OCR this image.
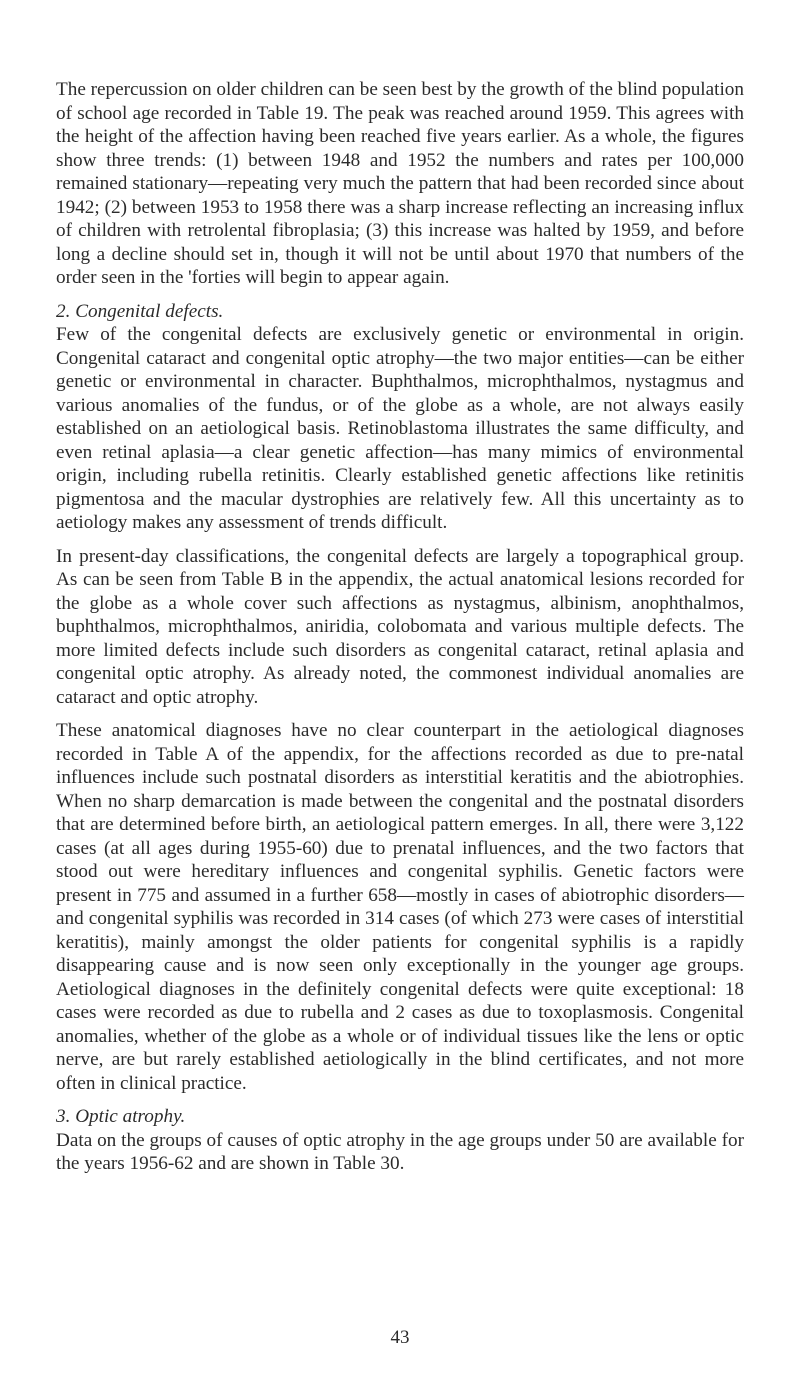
The repercussion on older children can be seen best by the growth of the blind population of school age recorded in Table 19. The peak was reached around 1959. This agrees with the height of the affection having been reached five years earlier. As a whole, the figures show three trends: (1) between 1948 and 1952 the numbers and rates per 100,000 remained stationary—repeating very much the pattern that had been recorded since about 1942; (2) between 1953 to 1958 there was a sharp increase reflecting an increasing influx of children with retrolental fibroplasia; (3) this increase was halted by 1959, and before long a decline should set in, though it will not be until about 1970 that numbers of the order seen in the 'forties will begin to appear again.

2. Congenital defects.

Few of the congenital defects are exclusively genetic or environmental in origin. Congenital cataract and congenital optic atrophy—the two major entities—can be either genetic or environmental in character. Buphthalmos, microphthalmos, nystagmus and various anomalies of the fundus, or of the globe as a whole, are not always easily established on an aetiological basis. Retinoblastoma illustrates the same difficulty, and even retinal aplasia—a clear genetic affection—has many mimics of environmental origin, including rubella retinitis. Clearly established genetic affections like retinitis pigmentosa and the macular dystrophies are relatively few. All this uncertainty as to aetiology makes any assessment of trends difficult.

In present-day classifications, the congenital defects are largely a topographical group. As can be seen from Table B in the appendix, the actual anatomical lesions recorded for the globe as a whole cover such affections as nystagmus, albinism, anophthalmos, buphthalmos, microphthalmos, aniridia, colobomata and various multiple defects. The more limited defects include such disorders as congenital cataract, retinal aplasia and congenital optic atrophy. As already noted, the commonest individual anomalies are cataract and optic atrophy.

These anatomical diagnoses have no clear counterpart in the aetiological diagnoses recorded in Table A of the appendix, for the affections recorded as due to pre-natal influences include such postnatal disorders as interstitial keratitis and the abiotrophies. When no sharp demarcation is made between the congenital and the postnatal disorders that are determined before birth, an aetiological pattern emerges. In all, there were 3,122 cases (at all ages during 1955-60) due to prenatal influences, and the two factors that stood out were hereditary influences and congenital syphilis. Genetic factors were present in 775 and assumed in a further 658—mostly in cases of abiotrophic disorders—and congenital syphilis was recorded in 314 cases (of which 273 were cases of interstitial keratitis), mainly amongst the older patients for congenital syphilis is a rapidly disappearing cause and is now seen only exceptionally in the younger age groups. Aetiological diagnoses in the definitely congenital defects were quite exceptional: 18 cases were recorded as due to rubella and 2 cases as due to toxoplasmosis. Congenital anomalies, whether of the globe as a whole or of individual tissues like the lens or optic nerve, are but rarely established aetiologically in the blind certificates, and not more often in clinical practice.

3. Optic atrophy.

Data on the groups of causes of optic atrophy in the age groups under 50 are available for the years 1956-62 and are shown in Table 30.

43
